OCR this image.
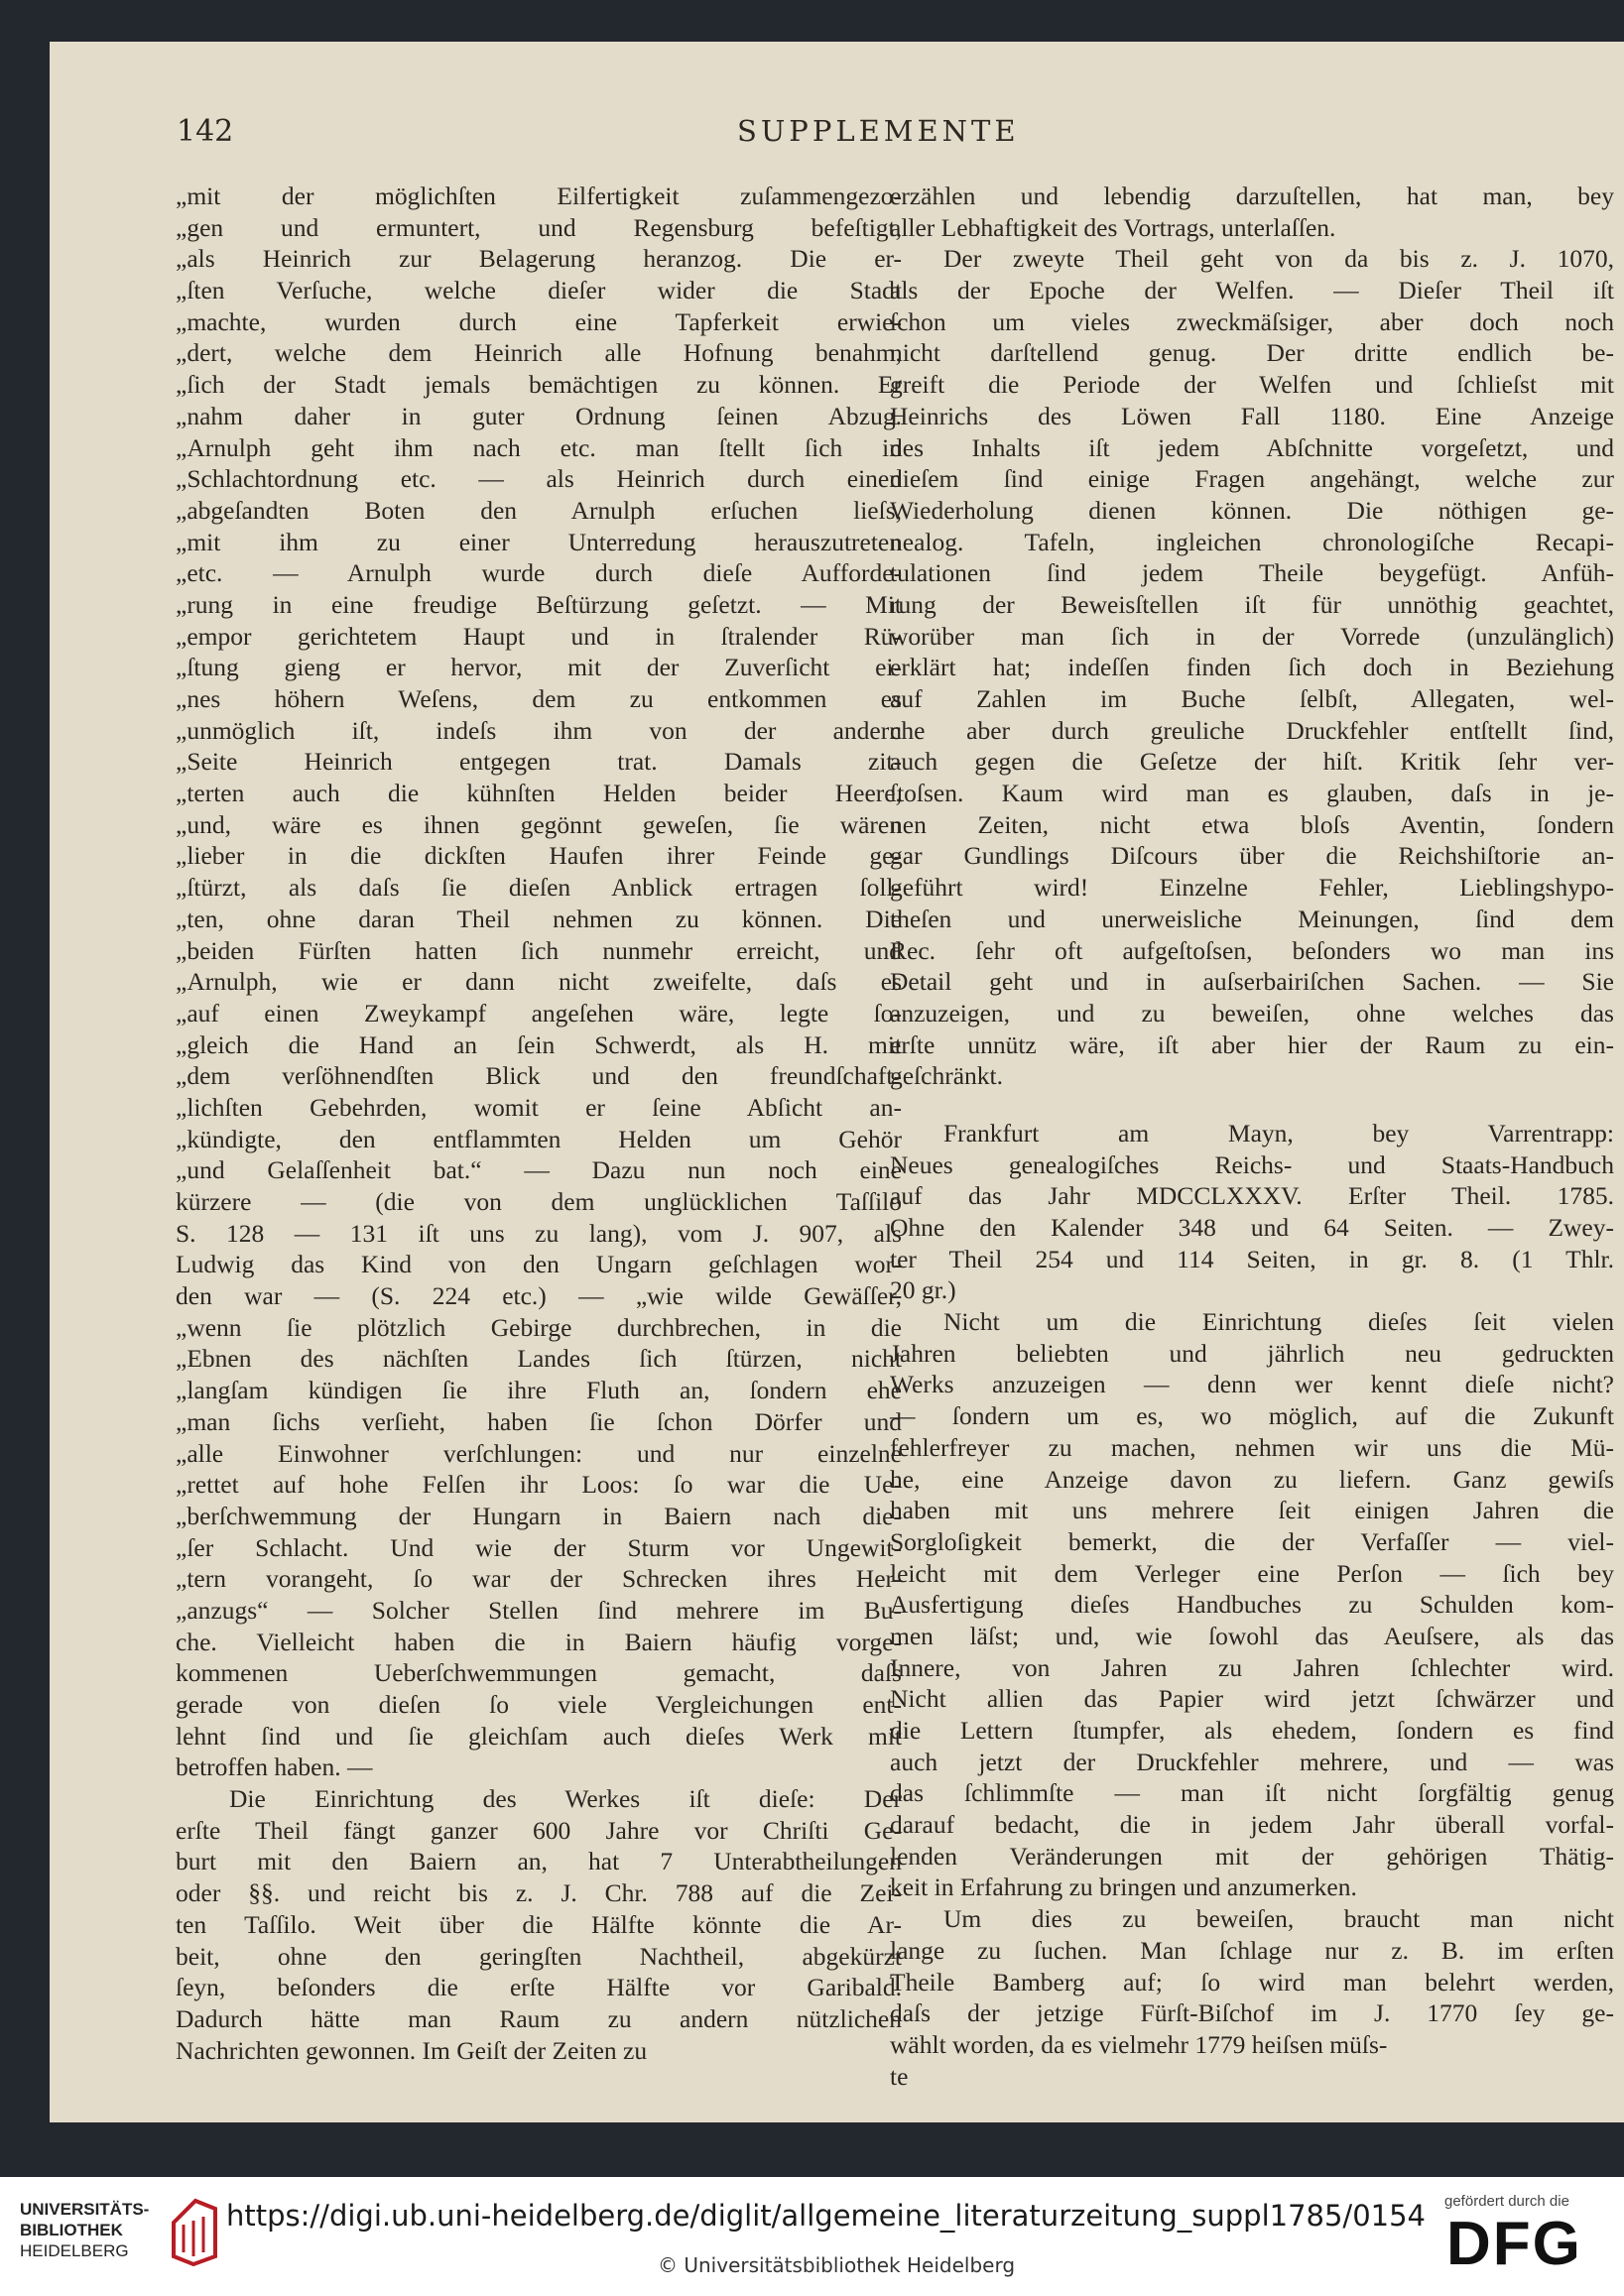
142	SUPPLEMENTE
„mit der möglichſten Eilfertigkeit zuſammengezo-
„gen und ermuntert, und Regensburg befeſtigt,
„als Heinrich zur Belagerung heranzog. Die er-
„ſten Verſuche, welche dieſer wider die Stadt
„machte, wurden durch eine Tapferkeit erwie-
„dert, welche dem Heinrich alle Hofnung benahm,
„ſich der Stadt jemals bemächtigen zu können. Er
„nahm daher in guter Ordnung ſeinen Abzug.
„Arnulph geht ihm nach etc. man ſtellt ſich in
„Schlachtordnung etc. — als Heinrich durch einen
„abgeſandten Boten den Arnulph erſuchen lieſs,
„mit ihm zu einer Unterredung herauszutreten
„etc. — Arnulph wurde durch dieſe Aufforde-
„rung in eine freudige Beſtürzung geſetzt. — Mit
„empor gerichtetem Haupt und in ſtralender Rü-
„ſtung gieng er hervor, mit der Zuverſicht ei-
„nes höhern Weſens, dem zu entkommen es
„unmöglich iſt, indeſs ihm von der andern
„Seite Heinrich entgegen trat. Damals zit-
„terten auch die kühnſten Helden beider Heere,
„und, wäre es ihnen gegönnt geweſen, ſie wären
„lieber in die dickſten Haufen ihrer Feinde ge-
„ſtürzt, als daſs ſie dieſen Anblick ertragen ſoll-
„ten, ohne daran Theil nehmen zu können. Die
„beiden Fürſten hatten ſich nunmehr erreicht, und
„Arnulph, wie er dann nicht zweifelte, daſs es
„auf einen Zweykampf angeſehen wäre, legte ſo-
„gleich die Hand an ſein Schwerdt, als H. mit
„dem verſöhnendſten Blick und den freundſchaft-
„lichſten Gebehrden, womit er ſeine Abſicht an-
„kündigte, den entflammten Helden um Gehör
„und Gelaſſenheit bat.“ — Dazu nun noch eine
kürzere — (die von dem unglücklichen Taſſilo
S. 128 — 131 iſt uns zu lang), vom J. 907, als
Ludwig das Kind von den Ungarn geſchlagen wor-
den war — (S. 224 etc.) — „wie wilde Gewäſſer,
„wenn ſie plötzlich Gebirge durchbrechen, in die
„Ebnen des nächſten Landes ſich ſtürzen, nicht
„langſam kündigen ſie ihre Fluth an, ſondern ehe
„man ſichs verſieht, haben ſie ſchon Dörfer und
„alle Einwohner verſchlungen: und nur einzelne
„rettet auf hohe Felſen ihr Loos: ſo war die Ue-
„berſchwemmung der Hungarn in Baiern nach die-
„ſer Schlacht. Und wie der Sturm vor Ungewit-
„tern vorangeht, ſo war der Schrecken ihres Her-
„anzugs“ — Solcher Stellen ſind mehrere im Bu-
che. Vielleicht haben die in Baiern häufig vorge-
kommenen Ueberſchwemmungen gemacht, daſs
gerade von dieſen ſo viele Vergleichungen ent-
lehnt ſind und ſie gleichſam auch dieſes Werk mit
betroffen haben. —
Die Einrichtung des Werkes iſt dieſe: Der
erſte Theil fängt ganzer 600 Jahre vor Chriſti Ge-
burt mit den Baiern an, hat 7 Unterabtheilungen
oder §§. und reicht bis z. J. Chr. 788 auf die Zei-
ten Taſſilo. Weit über die Hälfte könnte die Ar-
beit, ohne den geringſten Nachtheil, abgekürzt
ſeyn, beſonders die erſte Hälfte vor Garibald.
Dadurch hätte man Raum zu andern nützlichen
Nachrichten gewonnen. Im Geiſt der Zeiten zu
erzählen und lebendig darzuſtellen, hat man, bey
aller Lebhaftigkeit des Vortrags, unterlaſſen.
Der zweyte Theil geht von da bis z. J. 1070,
als der Epoche der Welfen. — Dieſer Theil iſt
ſchon um vieles zweckmäſsiger, aber doch noch
nicht darſtellend genug. Der dritte endlich be-
greift die Periode der Welfen und ſchlieſst mit
Heinrichs des Löwen Fall 1180. Eine Anzeige
des Inhalts iſt jedem Abſchnitte vorgeſetzt, und
dieſem ſind einige Fragen angehängt, welche zur
Wiederholung dienen können. Die nöthigen ge-
nealog. Tafeln, ingleichen chronologiſche Recapi-
tulationen ſind jedem Theile beygefügt. Anfüh-
rung der Beweisſtellen iſt für unnöthig geachtet,
worüber man ſich in der Vorrede (unzulänglich)
erklärt hat; indeſſen finden ſich doch in Beziehung
auf Zahlen im Buche ſelbſt, Allegaten, wel-
che aber durch greuliche Druckfehler entſtellt ſind,
auch gegen die Geſetze der hiſt. Kritik ſehr ver-
ſtoſsen. Kaum wird man es glauben, daſs in je-
nen Zeiten, nicht etwa bloſs Aventin, ſondern
gar Gundlings Diſcours über die Reichshiſtorie an-
geführt wird! Einzelne Fehler, Lieblingshypo-
theſen und unerweisliche Meinungen, ſind dem
Rec. ſehr oft aufgeſtoſsen, beſonders wo man ins
Detail geht und in auſserbairiſchen Sachen. — Sie
anzuzeigen, und zu beweiſen, ohne welches das
erſte unnütz wäre, iſt aber hier der Raum zu ein-
geſchränkt.
Frankfurt am Mayn, bey Varrentrapp:
Neues genealogiſches Reichs- und Staats-Handbuch
auf das Jahr MDCCLXXXV. Erſter Theil. 1785.
Ohne den Kalender 348 und 64 Seiten. — Zwey-
ter Theil 254 und 114 Seiten, in gr. 8. (1 Thlr.
20 gr.)
Nicht um die Einrichtung dieſes ſeit vielen
Jahren beliebten und jährlich neu gedruckten
Werks anzuzeigen — denn wer kennt dieſe nicht?
— ſondern um es, wo möglich, auf die Zukunft
fehlerfreyer zu machen, nehmen wir uns die Mü-
he, eine Anzeige davon zu liefern. Ganz gewiſs
haben mit uns mehrere ſeit einigen Jahren die
Sorgloſigkeit bemerkt, die der Verfaſſer — viel-
leicht mit dem Verleger eine Perſon — ſich bey
Ausfertigung dieſes Handbuches zu Schulden kom-
men läſst; und, wie ſowohl das Aeuſsere, als das
Innere, von Jahren zu Jahren ſchlechter wird.
Nicht allien das Papier wird jetzt ſchwärzer und
die Lettern ſtumpfer, als ehedem, ſondern es find
auch jetzt der Druckfehler mehrere, und — was
das ſchlimmſte — man iſt nicht ſorgfältig genug
darauf bedacht, die in jedem Jahr überall vorfal-
lenden Veränderungen mit der gehörigen Thätig-
keit in Erfahrung zu bringen und anzumerken.
Um dies zu beweiſen, braucht man nicht
lange zu ſuchen. Man ſchlage nur z. B. im erſten
Theile Bamberg auf; ſo wird man belehrt werden,
daſs der jetzige Fürſt-Biſchof im J. 1770 ſey ge-
wählt worden, da es vielmehr 1779 heiſsen müſs-
te
UNIVERSITÄTS-
BIBLIOTHEK
HEIDELBERG
https://digi.ub.uni-heidelberg.de/diglit/allgemeine_literaturzeitung_suppl1785/0154
© Universitätsbibliothek Heidelberg
gefördert durch die
DFG
